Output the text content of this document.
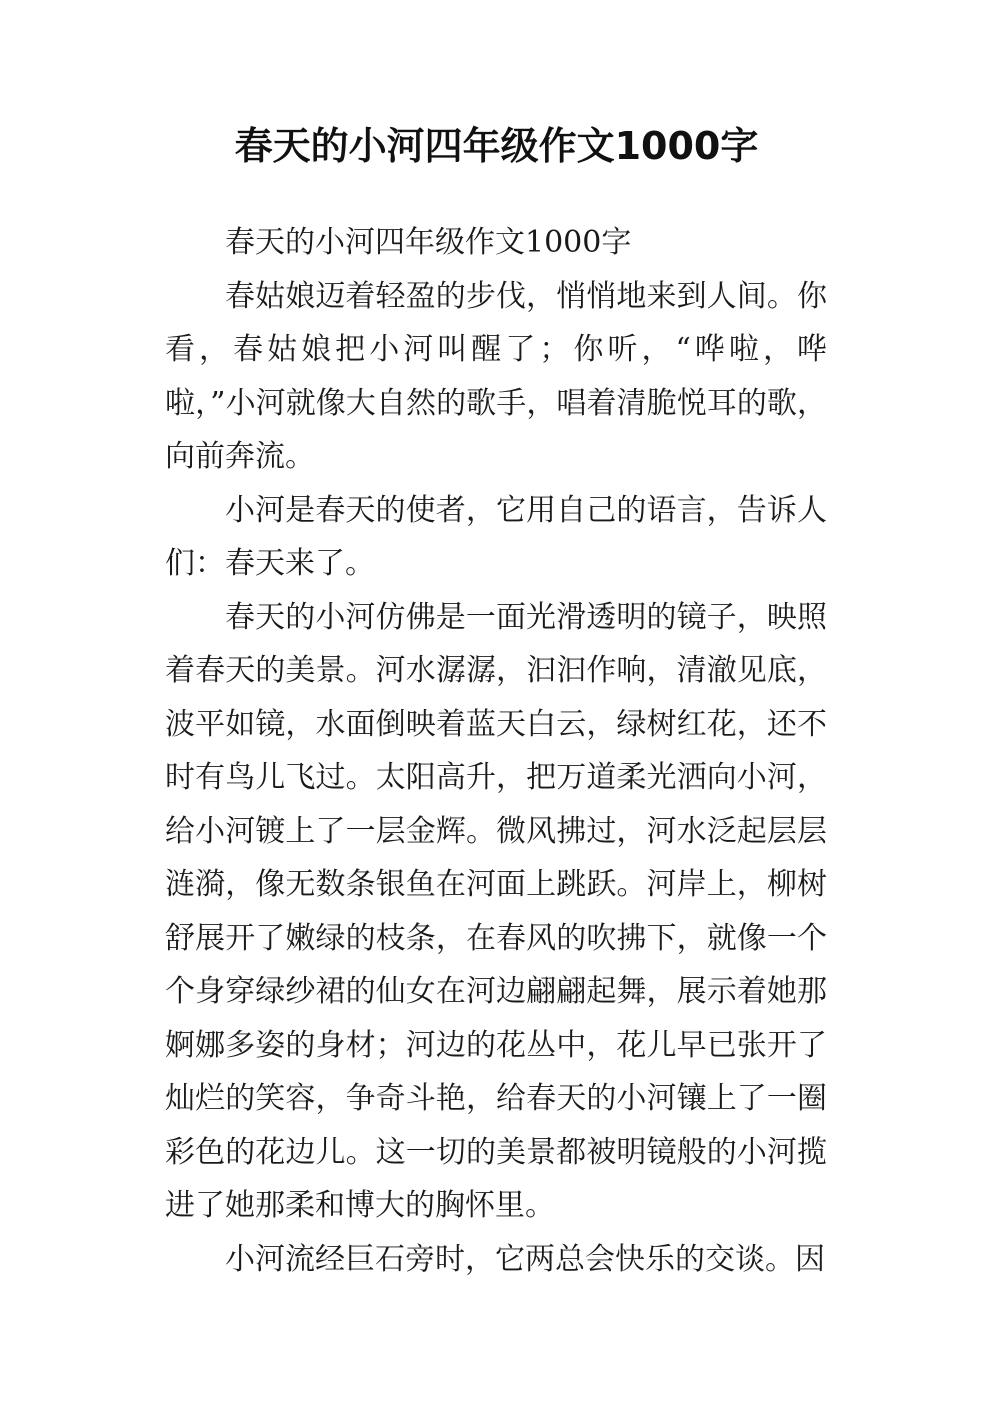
春天的小河四年级作文1000字

春天的小河四年级作文1000字

春姑娘迈着轻盈的步伐，悄悄地来到人间。你看，春姑娘把小河叫醒了；你听，“哗啦，哗啦，”小河就像大自然的歌手，唱着清脆悦耳的歌，向前奔流。

小河是春天的使者，它用自己的语言，告诉人们：春天来了。

春天的小河仿佛是一面光滑透明的镜子，映照着春天的美景。河水潺潺，汩汩作响，清澈见底，波平如镜，水面倒映着蓝天白云，绿树红花，还不时有鸟儿飞过。太阳高升，把万道柔光洒向小河，给小河镀上了一层金辉。微风拂过，河水泛起层层涟漪，像无数条银鱼在河面上跳跃。河岸上，柳树舒展开了嫩绿的枝条，在春风的吹拂下，就像一个个身穿绿纱裙的仙女在河边翩翩起舞，展示着她那婀娜多姿的身材；河边的花丛中，花儿早已张开了灿烂的笑容，争奇斗艳，给春天的小河镶上了一圈彩色的花边儿。这一切的美景都被明镜般的小河揽进了她那柔和博大的胸怀里。

小河流经巨石旁时，它两总会快乐的交谈。因
